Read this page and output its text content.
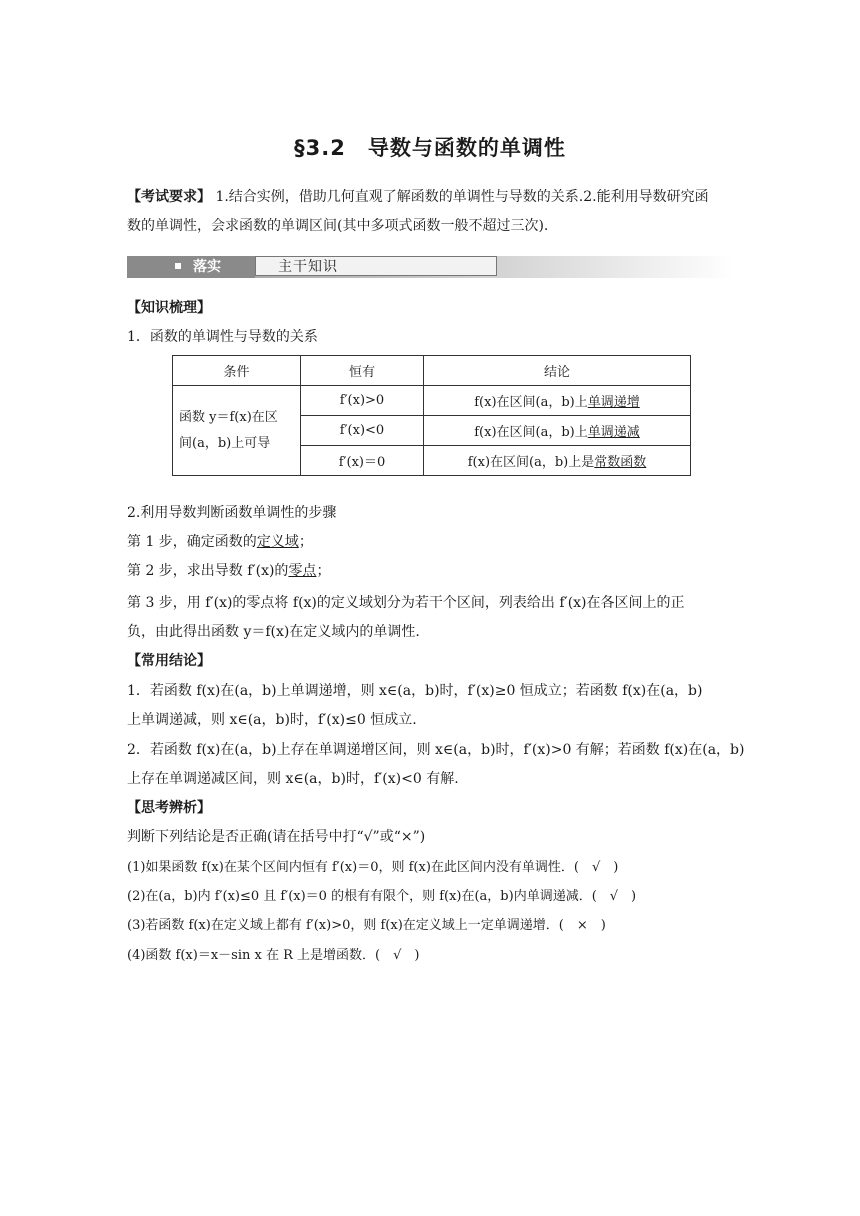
§3.2　导数与函数的单调性
【考试要求】 1.结合实例，借助几何直观了解函数的单调性与导数的关系.2.能利用导数研究函
数的单调性，会求函数的单调区间(其中多项式函数一般不超过三次).
落实	主干知识
【知识梳理】
1．函数的单调性与导数的关系
条件	恒有	结论

函数 y＝f(x)在区
间(a，b)上可导	f′(x)>0	f(x)在区间(a，b)上单调递增
	f′(x)<0	f(x)在区间(a，b)上单调递减
	f′(x)＝0	f(x)在区间(a，b)上是常数函数
2.利用导数判断函数单调性的步骤
第 1 步，确定函数的定义域；
第 2 步，求出导数 f′(x)的零点；
第 3 步，用 f′(x)的零点将 f(x)的定义域划分为若干个区间，列表给出 f′(x)在各区间上的正
负，由此得出函数 y＝f(x)在定义域内的单调性.
【常用结论】
1．若函数 f(x)在(a，b)上单调递增，则 x∈(a，b)时，f′(x)≥0 恒成立；若函数 f(x)在(a，b)
上单调递减，则 x∈(a，b)时，f′(x)≤0 恒成立.
2．若函数 f(x)在(a，b)上存在单调递增区间，则 x∈(a，b)时，f′(x)>0 有解；若函数 f(x)在(a，b)
上存在单调递减区间，则 x∈(a，b)时，f′(x)<0 有解.
【思考辨析】
判断下列结论是否正确(请在括号中打“√”或“×”)
(1)如果函数 f(x)在某个区间内恒有 f′(x)＝0，则 f(x)在此区间内没有单调性．(　√　)
(2)在(a，b)内 f′(x)≤0 且 f′(x)＝0 的根有有限个，则 f(x)在(a，b)内单调递减．(　√　)
(3)若函数 f(x)在定义域上都有 f′(x)>0，则 f(x)在定义域上一定单调递增．(　×　)
(4)函数 f(x)＝x－sin x 在 R 上是增函数．(　√　)
